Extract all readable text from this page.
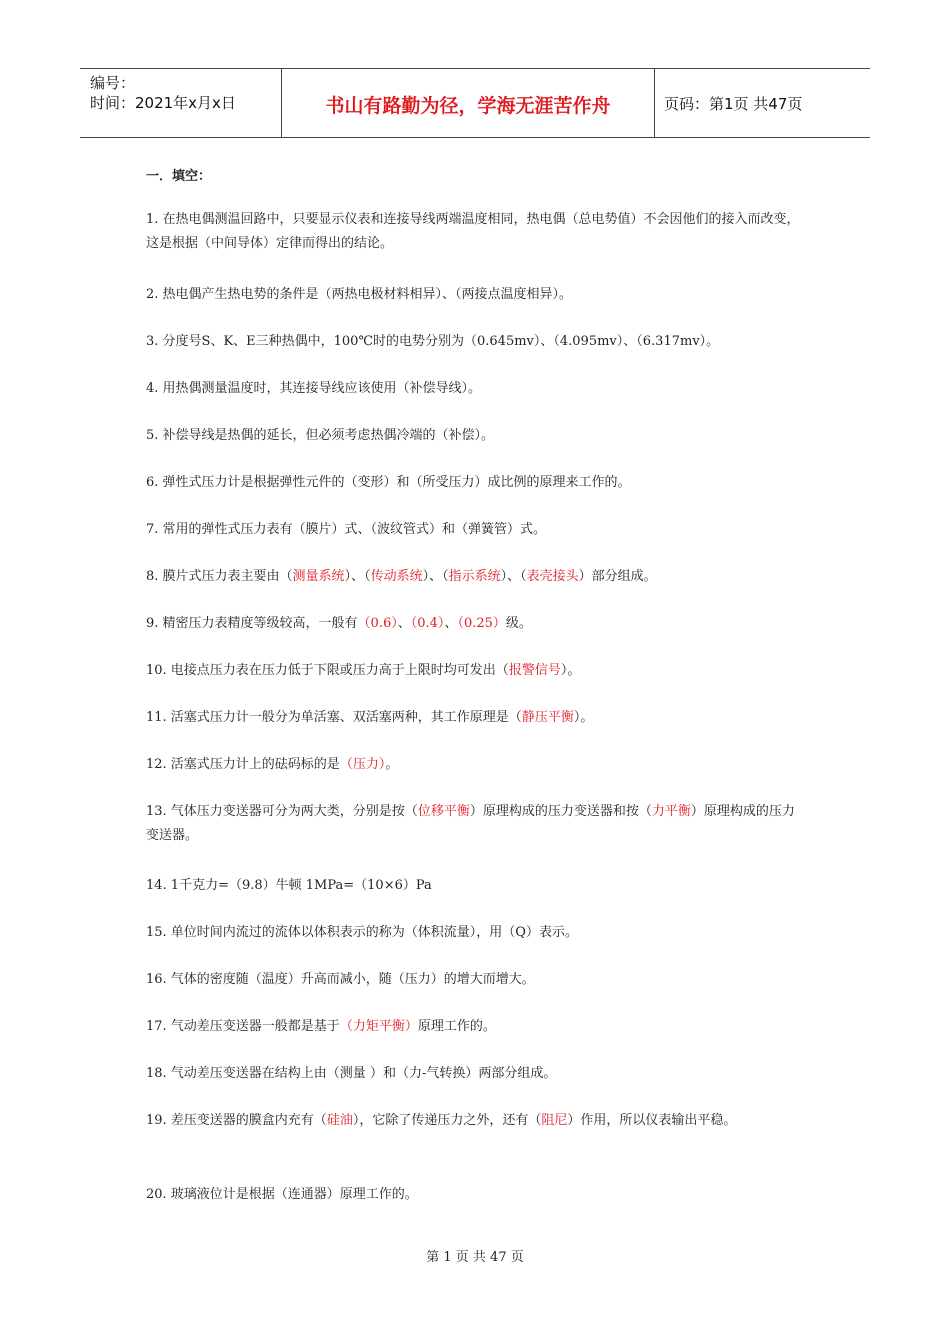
编号：
时间：2021年x月x日	书山有路勤为径，学海无涯苦作舟	页码：第1页 共47页
一．填空：
1. 在热电偶测温回路中，只要显示仪表和连接导线两端温度相同，热电偶（总电势值）不会因他们的接入而改变，这是根据（中间导体）定律而得出的结论。
2. 热电偶产生热电势的条件是（两热电极材料相异）、（两接点温度相异）。
3. 分度号S、K、E三种热偶中，100℃时的电势分别为（0.645mv）、（4.095mv）、（6.317mv）。
4. 用热偶测量温度时，其连接导线应该使用（补偿导线）。
5. 补偿导线是热偶的延长，但必须考虑热偶冷端的（补偿）。
6. 弹性式压力计是根据弹性元件的（变形）和（所受压力）成比例的原理来工作的。
7. 常用的弹性式压力表有（膜片）式、（波纹管式）和（弹簧管）式。
8. 膜片式压力表主要由（测量系统）、（传动系统）、（指示系统）、（表壳接头）部分组成。
9. 精密压力表精度等级较高，一般有（0.6）、（0.4）、（0.25）级。
10. 电接点压力表在压力低于下限或压力高于上限时均可发出（报警信号）。
11. 活塞式压力计一般分为单活塞、双活塞两种，其工作原理是（静压平衡）。
12. 活塞式压力计上的砝码标的是（压力）。
13. 气体压力变送器可分为两大类，分别是按（位移平衡）原理构成的压力变送器和按（力平衡）原理构成的压力变送器。
14. 1千克力=（9.8）牛顿 1MPa=（10×6）Pa
15. 单位时间内流过的流体以体积表示的称为（体积流量），用（Q）表示。
16. 气体的密度随（温度）升高而减小，随（压力）的增大而增大。
17. 气动差压变送器一般都是基于（力矩平衡）原理工作的。
18. 气动差压变送器在结构上由（测量 ）和（力-气转换）两部分组成。
19. 差压变送器的膜盒内充有（硅油），它除了传递压力之外，还有（阻尼）作用，所以仪表输出平稳。
20. 玻璃液位计是根据（连通器）原理工作的。
第 1 页 共 47 页
